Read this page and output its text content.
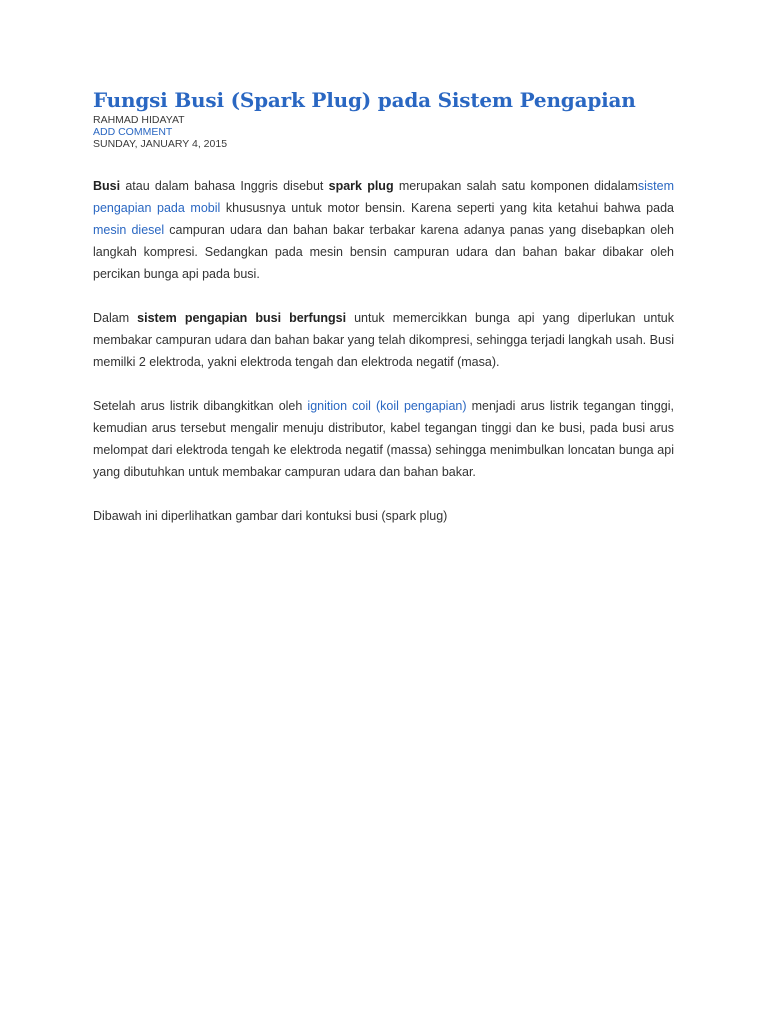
Fungsi Busi (Spark Plug) pada Sistem Pengapian
RAHMAD HIDAYAT
ADD COMMENT
SUNDAY, JANUARY 4, 2015

Busi atau dalam bahasa Inggris disebut spark plug merupakan salah satu komponen didalamsistem pengapian pada mobil khususnya untuk motor bensin. Karena seperti yang kita ketahui bahwa pada mesin diesel campuran udara dan bahan bakar terbakar karena adanya panas yang disebapkan oleh langkah kompresi. Sedangkan pada mesin bensin campuran udara dan bahan bakar dibakar oleh percikan bunga api pada busi.

Dalam sistem pengapian busi berfungsi untuk memercikkan bunga api yang diperlukan untuk membakar campuran udara dan bahan bakar yang telah dikompresi, sehingga terjadi langkah usah. Busi memilki 2 elektroda, yakni elektroda tengah dan elektroda negatif (masa).

Setelah arus listrik dibangkitkan oleh ignition coil (koil pengapian) menjadi arus listrik tegangan tinggi, kemudian arus tersebut mengalir menuju distributor, kabel tegangan tinggi dan ke busi, pada busi arus melompat dari elektroda tengah ke elektroda negatif (massa) sehingga menimbulkan loncatan bunga api yang dibutuhkan untuk membakar campuran udara dan bahan bakar.

Dibawah ini diperlihatkan gambar dari kontuksi busi (spark plug)
